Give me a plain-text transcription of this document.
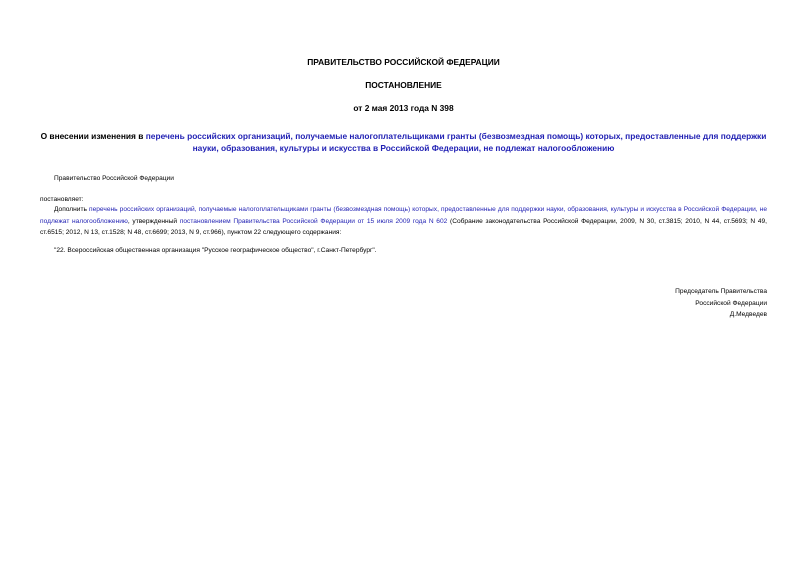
ПРАВИТЕЛЬСТВО РОССИЙСКОЙ ФЕДЕРАЦИИ

ПОСТАНОВЛЕНИЕ

от 2 мая 2013 года N 398

О внесении изменения в перечень российских организаций, получаемые налогоплательщиками гранты (безвозмездная помощь) которых, предоставленные для поддержки науки, образования, культуры и искусства в Российской Федерации, не подлежат налогообложению

Правительство Российской Федерации

постановляет:

Дополнить перечень российских организаций, получаемые налогоплательщиками гранты (безвозмездная помощь) которых, предоставленные для поддержки науки, образования, культуры и искусства в Российской Федерации, не подлежат налогообложению, утвержденный постановлением Правительства Российской Федерации от 15 июля 2009 года N 602 (Собрание законодательства Российской Федерации, 2009, N 30, ст.3815; 2010, N 44, ст.5693; N 49, ст.6515; 2012, N 13, ст.1528; N 48, ст.6699; 2013, N 9, ст.966), пунктом 22 следующего содержания:

"22. Всероссийская общественная организация "Русское географическое общество", г.Санкт-Петербург".

Председатель Правительства
Российской Федерации
Д.Медведев
